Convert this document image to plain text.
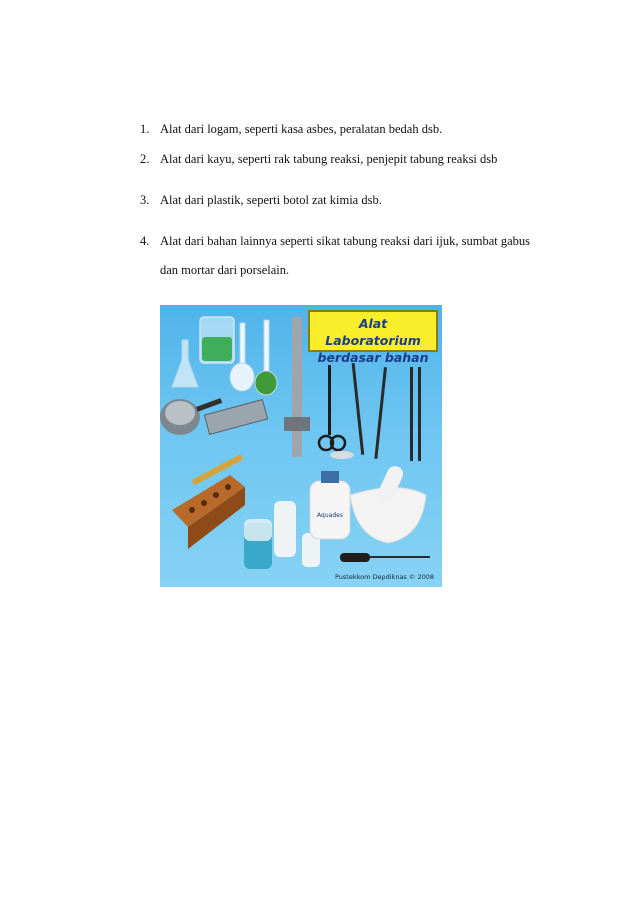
1. Alat dari logam, seperti kasa asbes, peralatan bedah dsb.
2. Alat dari kayu, seperti rak tabung reaksi, penjepit tabung reaksi dsb
3. Alat dari plastik, seperti botol zat kimia dsb.
4. Alat dari bahan lainnya seperti sikat tabung reaksi dari ijuk, sumbat gabus
dan mortar dari porselain.
Aquades
Alat Laboratorium
berdasar bahan
Pustekkom Depdiknas © 2008
